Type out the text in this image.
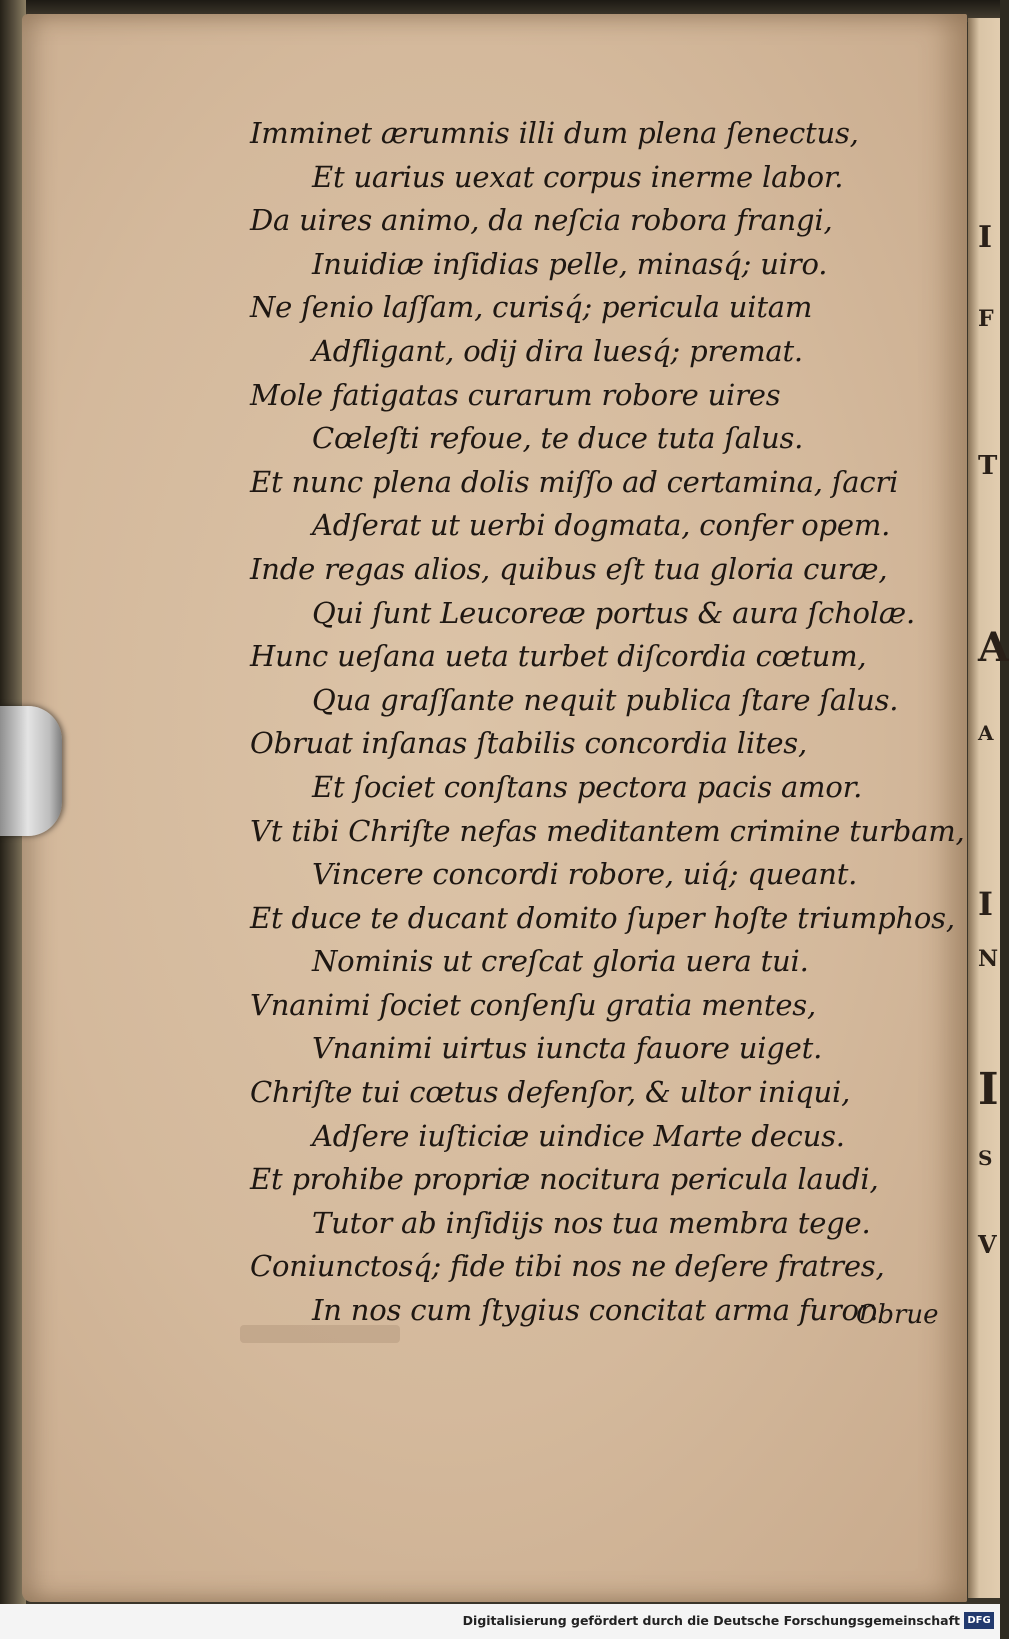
I
F
T
A
A
I
N
I
S
V
Imminet ærumnis illi dum plena ſenectus,
Et uarius uexat corpus inerme labor.
Da uires animo, da neſcia robora frangi,
Inuidiæ inſidias pelle, minasq́; uiro.
Ne ſenio laſſam, curisq́; pericula uitam
Adfligant, odij dira luesq́; premat.
Mole fatigatas curarum robore uires
Cœleſti refoue, te duce tuta ſalus.
Et nunc plena dolis miſſo ad certamina, ſacri
Adſerat ut uerbi dogmata, confer opem.
Inde regas alios, quibus eſt tua gloria curæ,
Qui ſunt Leucoreæ portus & aura ſcholæ.
Hunc ueſana ueta turbet diſcordia cœtum,
Qua graſſante nequit publica ſtare ſalus.
Obruat inſanas ſtabilis concordia lites,
Et ſociet conſtans pectora pacis amor.
Vt tibi Chriſte nefas meditantem crimine turbam,
Vincere concordi robore, uiq́; queant.
Et duce te ducant domito ſuper hoſte triumphos,
Nominis ut creſcat gloria uera tui.
Vnanimi ſociet conſenſu gratia mentes,
Vnanimi uirtus iuncta fauore uiget.
Chriſte tui cœtus defenſor, & ultor iniqui,
Adſere iuſticiæ uindice Marte decus.
Et prohibe propriæ nocitura pericula laudi,
Tutor ab inſidijs nos tua membra tege.
Coniunctosq́; fide tibi nos ne deſere fratres,
In nos cum ſtygius concitat arma furor.
Obrue
Digitalisierung gefördert durch die Deutsche Forschungsgemeinschaft DFG
